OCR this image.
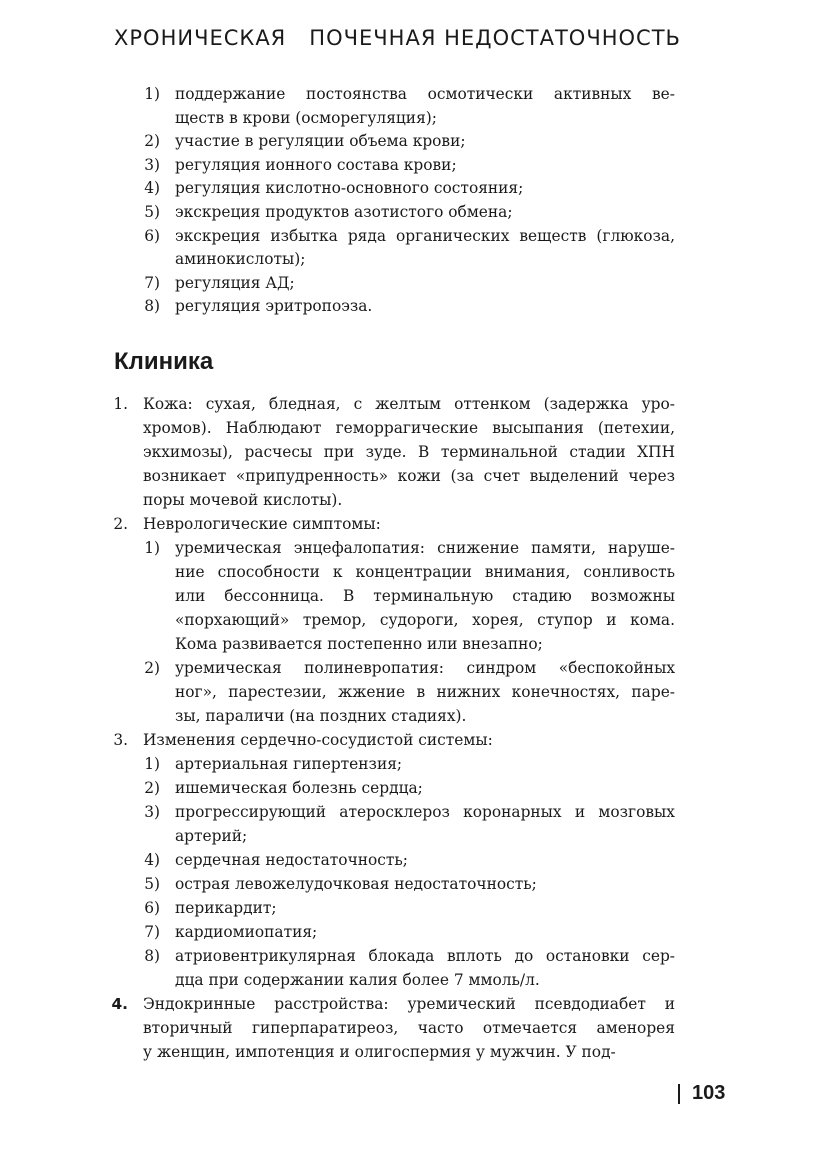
ХРОНИЧЕСКАЯ   ПОЧЕЧНАЯ НЕДОСТАТОЧНОСТЬ
Клиника
1) поддержание постоянства осмотически активных ве-
ществ в крови (осморегуляция);
2) участие в регуляции объема крови;
3) регуляция ионного состава крови;
4) регуляция кислотно-основного состояния;
5) экскреция продуктов азотистого обмена;
6) экскреция избытка ряда органических веществ (глюкоза,
аминокислоты);
7) регуляция АД;
8) регуляция эритропоэза.
1. Кожа: сухая, бледная, с желтым оттенком (задержка уро-
хромов). Наблюдают геморрагические высыпания (петехии,
экхимозы), расчесы при зуде. В терминальной стадии ХПН
возникает «припудренность» кожи (за счет выделений через
поры мочевой кислоты).
2. Неврологические симптомы:
1) уремическая энцефалопатия: снижение памяти, наруше-
ние способности к концентрации внимания, сонливость
или бессонница. В терминальную стадию возможны
«порхающий» тремор, судороги, хорея, ступор и кома.
Кома развивается постепенно или внезапно;
2) уремическая полиневропатия: синдром «беспокойных
ног», парестезии, жжение в нижних конечностях, паре-
зы, параличи (на поздних стадиях).
3. Изменения сердечно-сосудистой системы:
1) артериальная гипертензия;
2) ишемическая болезнь сердца;
3) прогрессирующий атеросклероз коронарных и мозговых
артерий;
4) сердечная недостаточность;
5) острая левожелудочковая недостаточность;
6) перикардит;
7) кардиомиопатия;
8) атриовентрикулярная блокада вплоть до остановки сер-
дца при содержании калия более 7 ммоль/л.
4. Эндокринные расстройства: уремический псевдодиабет и
вторичный гиперпаратиреоз, часто отмечается аменорея
у женщин, импотенция и олигоспермия у мужчин. У под-
103
